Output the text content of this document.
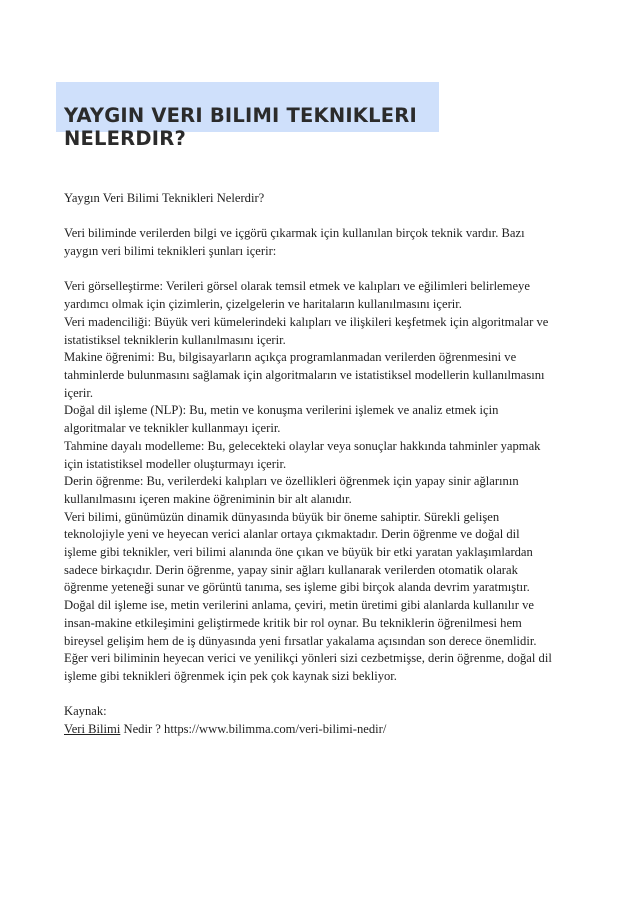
YAYGIN VERI BILIMI TEKNIKLERI
NELERDIR?

Yaygın Veri Bilimi Teknikleri Nelerdir?

Veri biliminde verilerden bilgi ve içgörü çıkarmak için kullanılan birçok teknik vardır. Bazı
yaygın veri bilimi teknikleri şunları içerir:

Veri görselleştirme: Verileri görsel olarak temsil etmek ve kalıpları ve eğilimleri belirlemeye
yardımcı olmak için çizimlerin, çizelgelerin ve haritaların kullanılmasını içerir.
Veri madenciliği: Büyük veri kümelerindeki kalıpları ve ilişkileri keşfetmek için algoritmalar ve
istatistiksel tekniklerin kullanılmasını içerir.
Makine öğrenimi: Bu, bilgisayarların açıkça programlanmadan verilerden öğrenmesini ve
tahminlerde bulunmasını sağlamak için algoritmaların ve istatistiksel modellerin kullanılmasını
içerir.
Doğal dil işleme (NLP): Bu, metin ve konuşma verilerini işlemek ve analiz etmek için
algoritmalar ve teknikler kullanmayı içerir.
Tahmine dayalı modelleme: Bu, gelecekteki olaylar veya sonuçlar hakkında tahminler yapmak
için istatistiksel modeller oluşturmayı içerir.
Derin öğrenme: Bu, verilerdeki kalıpları ve özellikleri öğrenmek için yapay sinir ağlarının
kullanılmasını içeren makine öğreniminin bir alt alanıdır.
Veri bilimi, günümüzün dinamik dünyasında büyük bir öneme sahiptir. Sürekli gelişen
teknolojiyle yeni ve heyecan verici alanlar ortaya çıkmaktadır. Derin öğrenme ve doğal dil
işleme gibi teknikler, veri bilimi alanında öne çıkan ve büyük bir etki yaratan yaklaşımlardan
sadece birkaçıdır. Derin öğrenme, yapay sinir ağları kullanarak verilerden otomatik olarak
öğrenme yeteneği sunar ve görüntü tanıma, ses işleme gibi birçok alanda devrim yaratmıştır.
Doğal dil işleme ise, metin verilerini anlama, çeviri, metin üretimi gibi alanlarda kullanılır ve
insan-makine etkileşimini geliştirmede kritik bir rol oynar. Bu tekniklerin öğrenilmesi hem
bireysel gelişim hem de iş dünyasında yeni fırsatlar yakalama açısından son derece önemlidir.
Eğer veri biliminin heyecan verici ve yenilikçi yönleri sizi cezbetmişse, derin öğrenme, doğal dil
işleme gibi teknikleri öğrenmek için pek çok kaynak sizi bekliyor.

Kaynak:
Veri Bilimi Nedir ? https://www.bilimma.com/veri-bilimi-nedir/
